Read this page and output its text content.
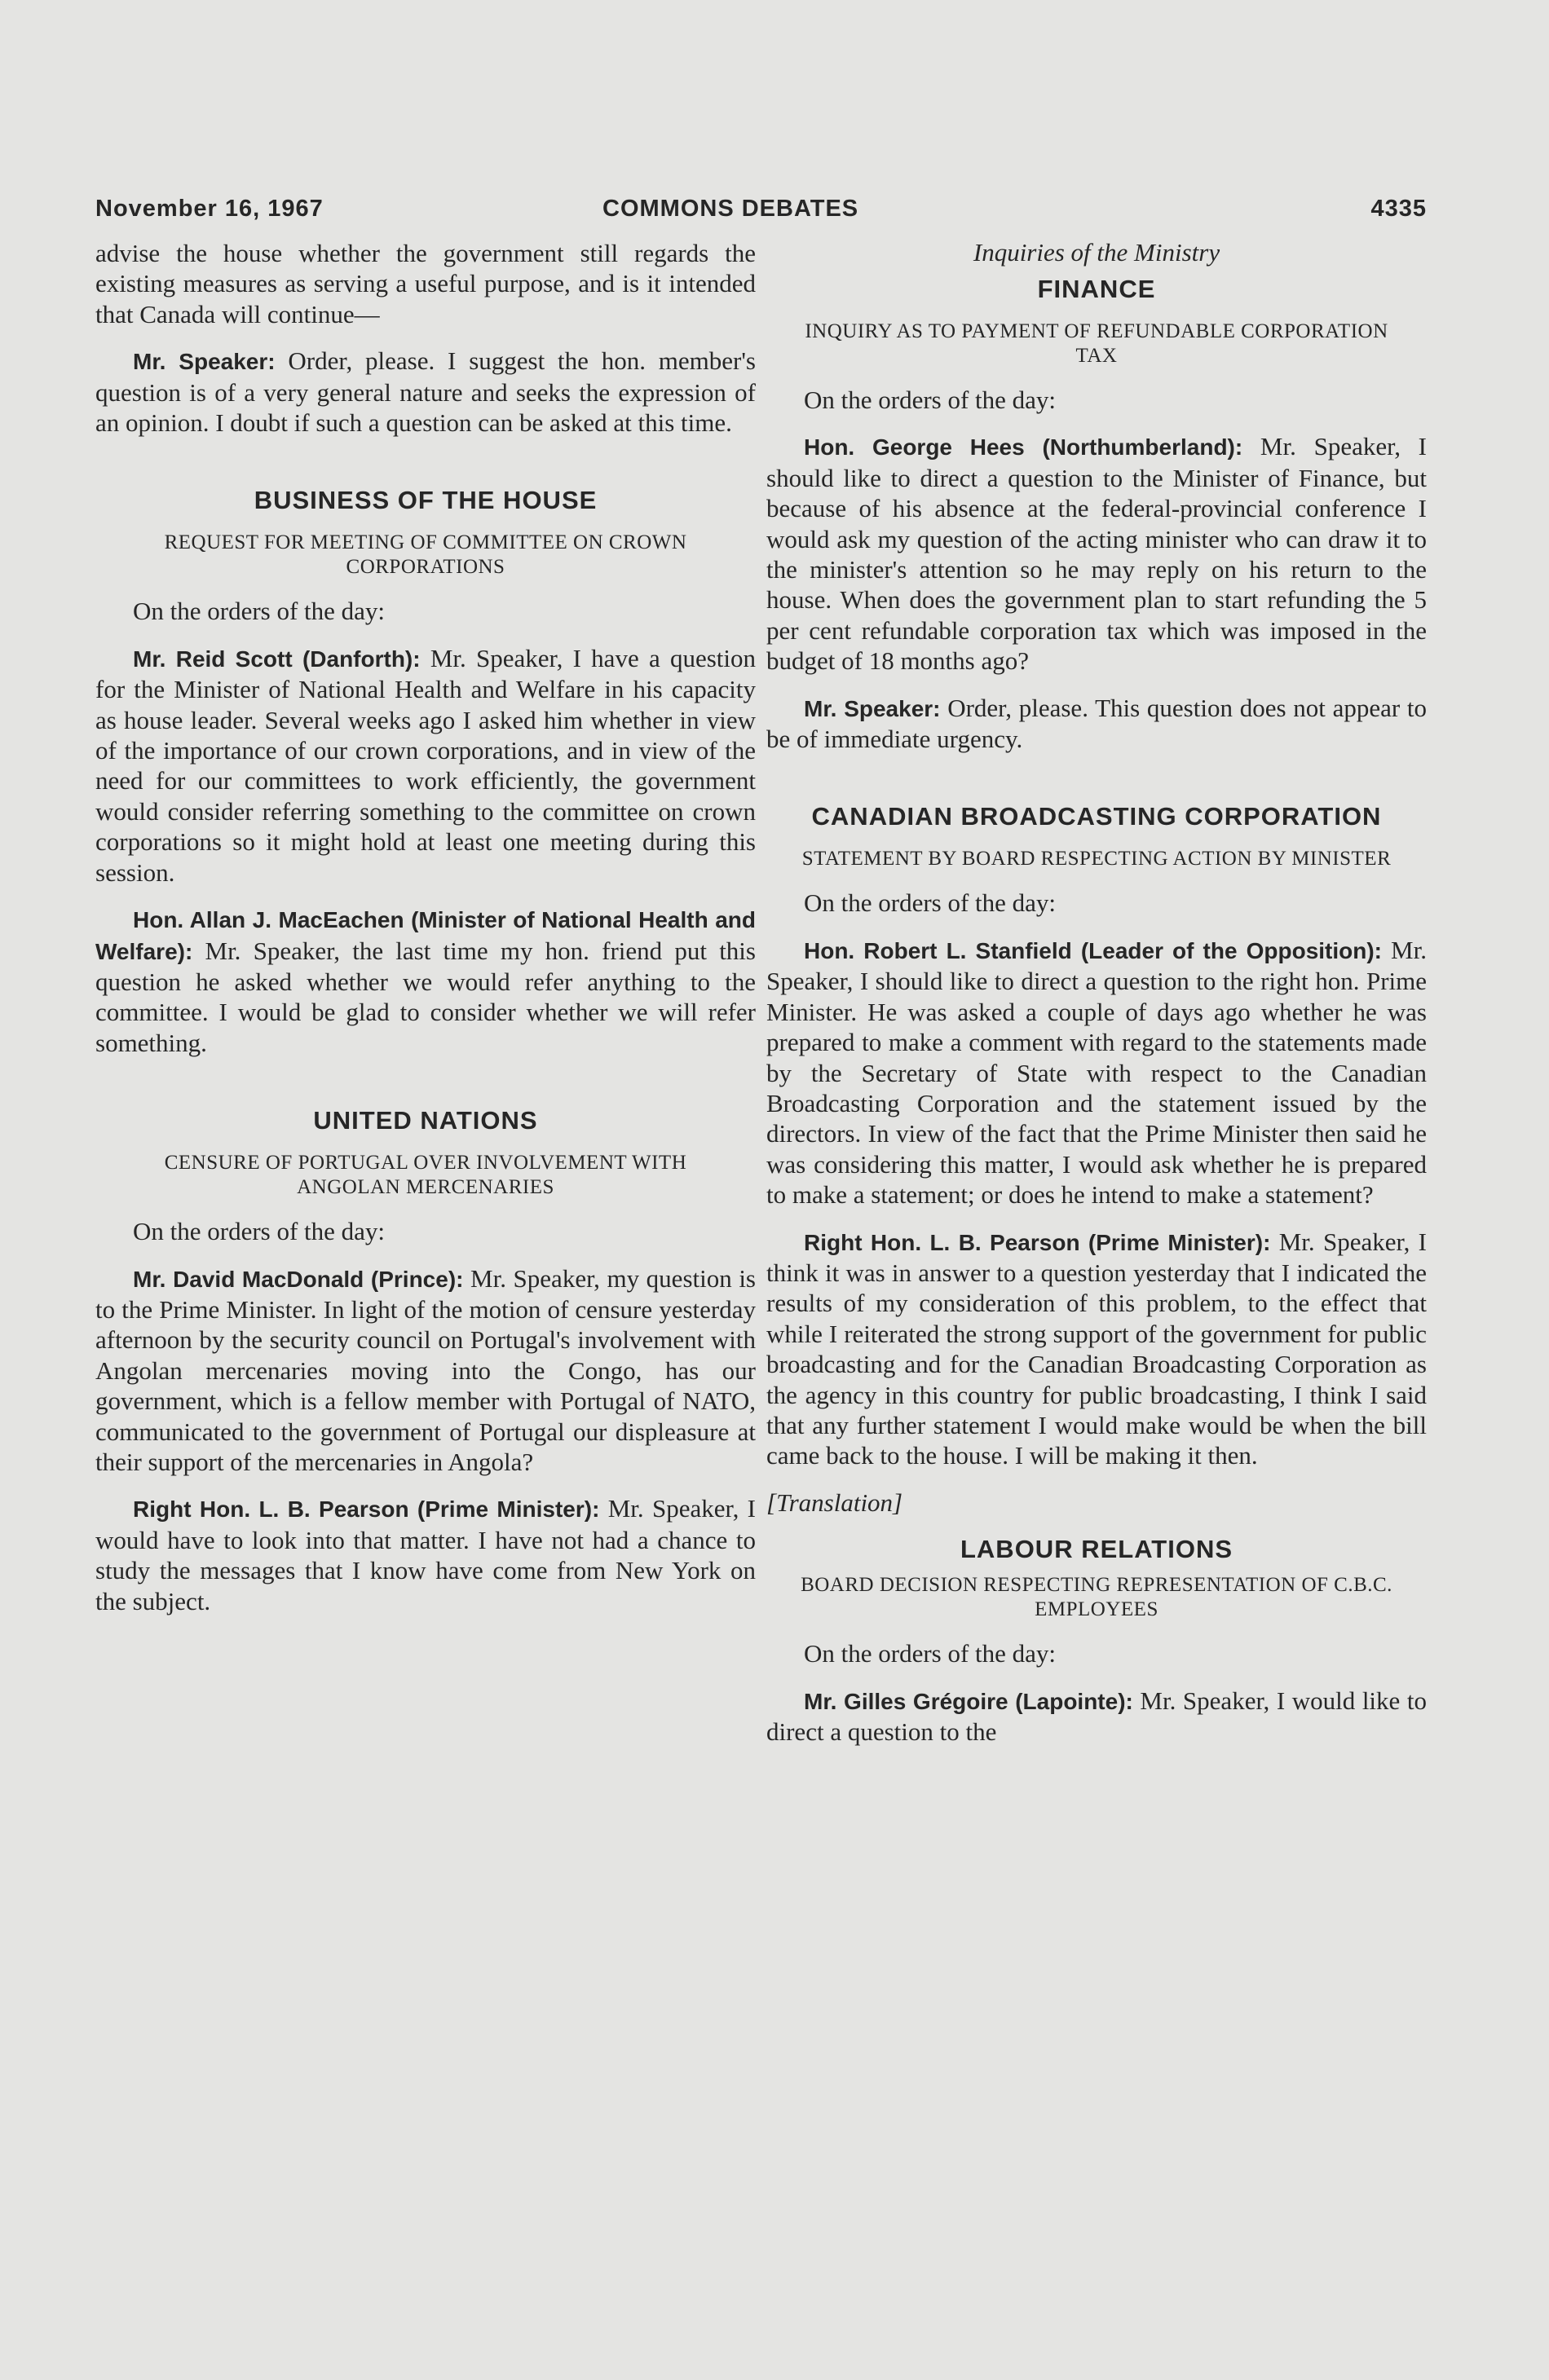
November 16, 1967	COMMONS DEBATES	4335

advise the house whether the government still regards the existing measures as serving a useful purpose, and is it intended that Canada will continue—

Mr. Speaker: Order, please. I suggest the hon. member's question is of a very general nature and seeks the expression of an opinion. I doubt if such a question can be asked at this time.

BUSINESS OF THE HOUSE
REQUEST FOR MEETING OF COMMITTEE ON CROWN CORPORATIONS

On the orders of the day:

Mr. Reid Scott (Danforth): Mr. Speaker, I have a question for the Minister of National Health and Welfare in his capacity as house leader. Several weeks ago I asked him whether in view of the importance of our crown corporations, and in view of the need for our committees to work efficiently, the government would consider referring something to the committee on crown corporations so it might hold at least one meeting during this session.

Hon. Allan J. MacEachen (Minister of National Health and Welfare): Mr. Speaker, the last time my hon. friend put this question he asked whether we would refer anything to the committee. I would be glad to consider whether we will refer something.

UNITED NATIONS
CENSURE OF PORTUGAL OVER INVOLVEMENT WITH ANGOLAN MERCENARIES

On the orders of the day:

Mr. David MacDonald (Prince): Mr. Speaker, my question is to the Prime Minister. In light of the motion of censure yesterday afternoon by the security council on Portugal's involvement with Angolan mercenaries moving into the Congo, has our government, which is a fellow member with Portugal of NATO, communicated to the government of Portugal our displeasure at their support of the mercenaries in Angola?

Right Hon. L. B. Pearson (Prime Minister): Mr. Speaker, I would have to look into that matter. I have not had a chance to study the messages that I know have come from New York on the subject.

Inquiries of the Ministry
FINANCE
INQUIRY AS TO PAYMENT OF REFUNDABLE CORPORATION TAX

On the orders of the day:

Hon. George Hees (Northumberland): Mr. Speaker, I should like to direct a question to the Minister of Finance, but because of his absence at the federal-provincial conference I would ask my question of the acting minister who can draw it to the minister's attention so he may reply on his return to the house. When does the government plan to start refunding the 5 per cent refundable corporation tax which was imposed in the budget of 18 months ago?

Mr. Speaker: Order, please. This question does not appear to be of immediate urgency.

CANADIAN BROADCASTING CORPORATION
STATEMENT BY BOARD RESPECTING ACTION BY MINISTER

On the orders of the day:

Hon. Robert L. Stanfield (Leader of the Opposition): Mr. Speaker, I should like to direct a question to the right hon. Prime Minister. He was asked a couple of days ago whether he was prepared to make a comment with regard to the statements made by the Secretary of State with respect to the Canadian Broadcasting Corporation and the statement issued by the directors. In view of the fact that the Prime Minister then said he was considering this matter, I would ask whether he is prepared to make a statement; or does he intend to make a statement?

Right Hon. L. B. Pearson (Prime Minister): Mr. Speaker, I think it was in answer to a question yesterday that I indicated the results of my consideration of this problem, to the effect that while I reiterated the strong support of the government for public broadcasting and for the Canadian Broadcasting Corporation as the agency in this country for public broadcasting, I think I said that any further statement I would make would be when the bill came back to the house. I will be making it then.

[Translation]

LABOUR RELATIONS
BOARD DECISION RESPECTING REPRESENTATION OF C.B.C. EMPLOYEES

On the orders of the day:

Mr. Gilles Grégoire (Lapointe): Mr. Speaker, I would like to direct a question to the
